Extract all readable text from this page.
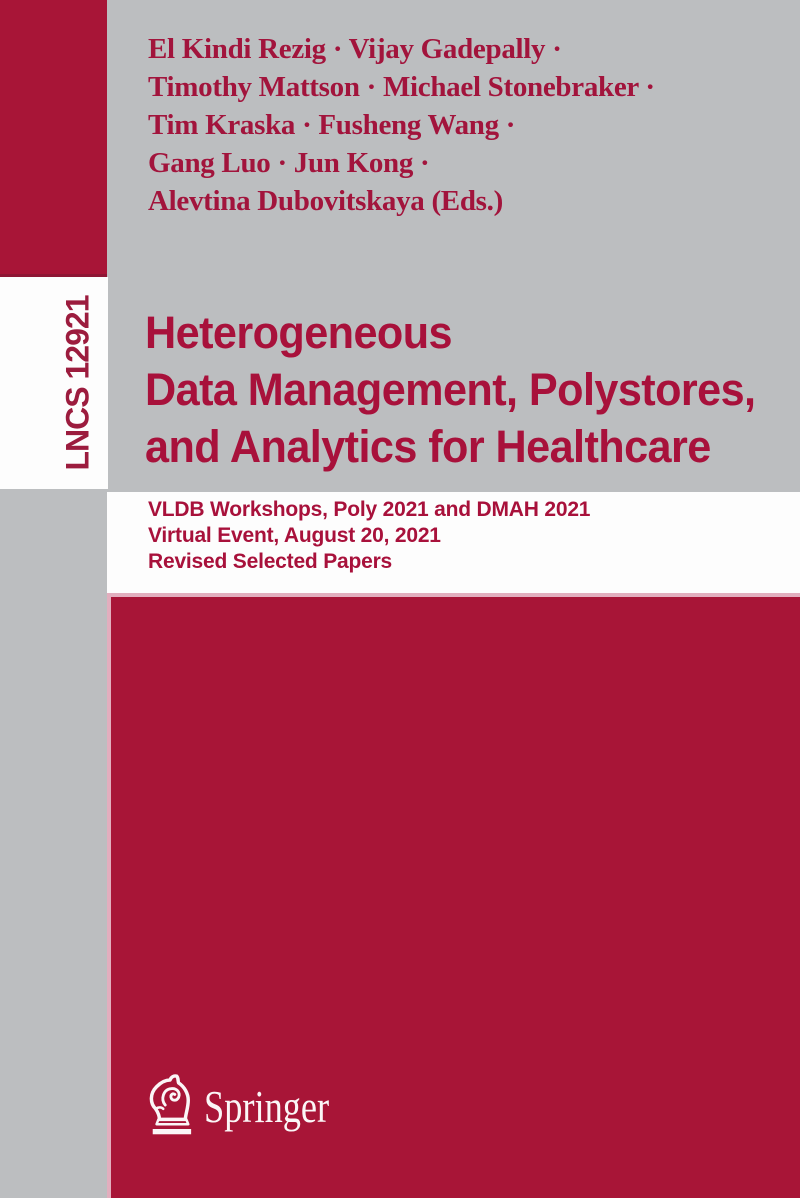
LNCS 12921
El Kindi Rezig · Vijay Gadepally ·
Timothy Mattson · Michael Stonebraker ·
Tim Kraska · Fusheng Wang ·
Gang Luo · Jun Kong ·
Alevtina Dubovitskaya (Eds.)
Heterogeneous
Data Management, Polystores,
and Analytics for Healthcare
VLDB Workshops, Poly 2021 and DMAH 2021
Virtual Event, August 20, 2021
Revised Selected Papers
Springer
